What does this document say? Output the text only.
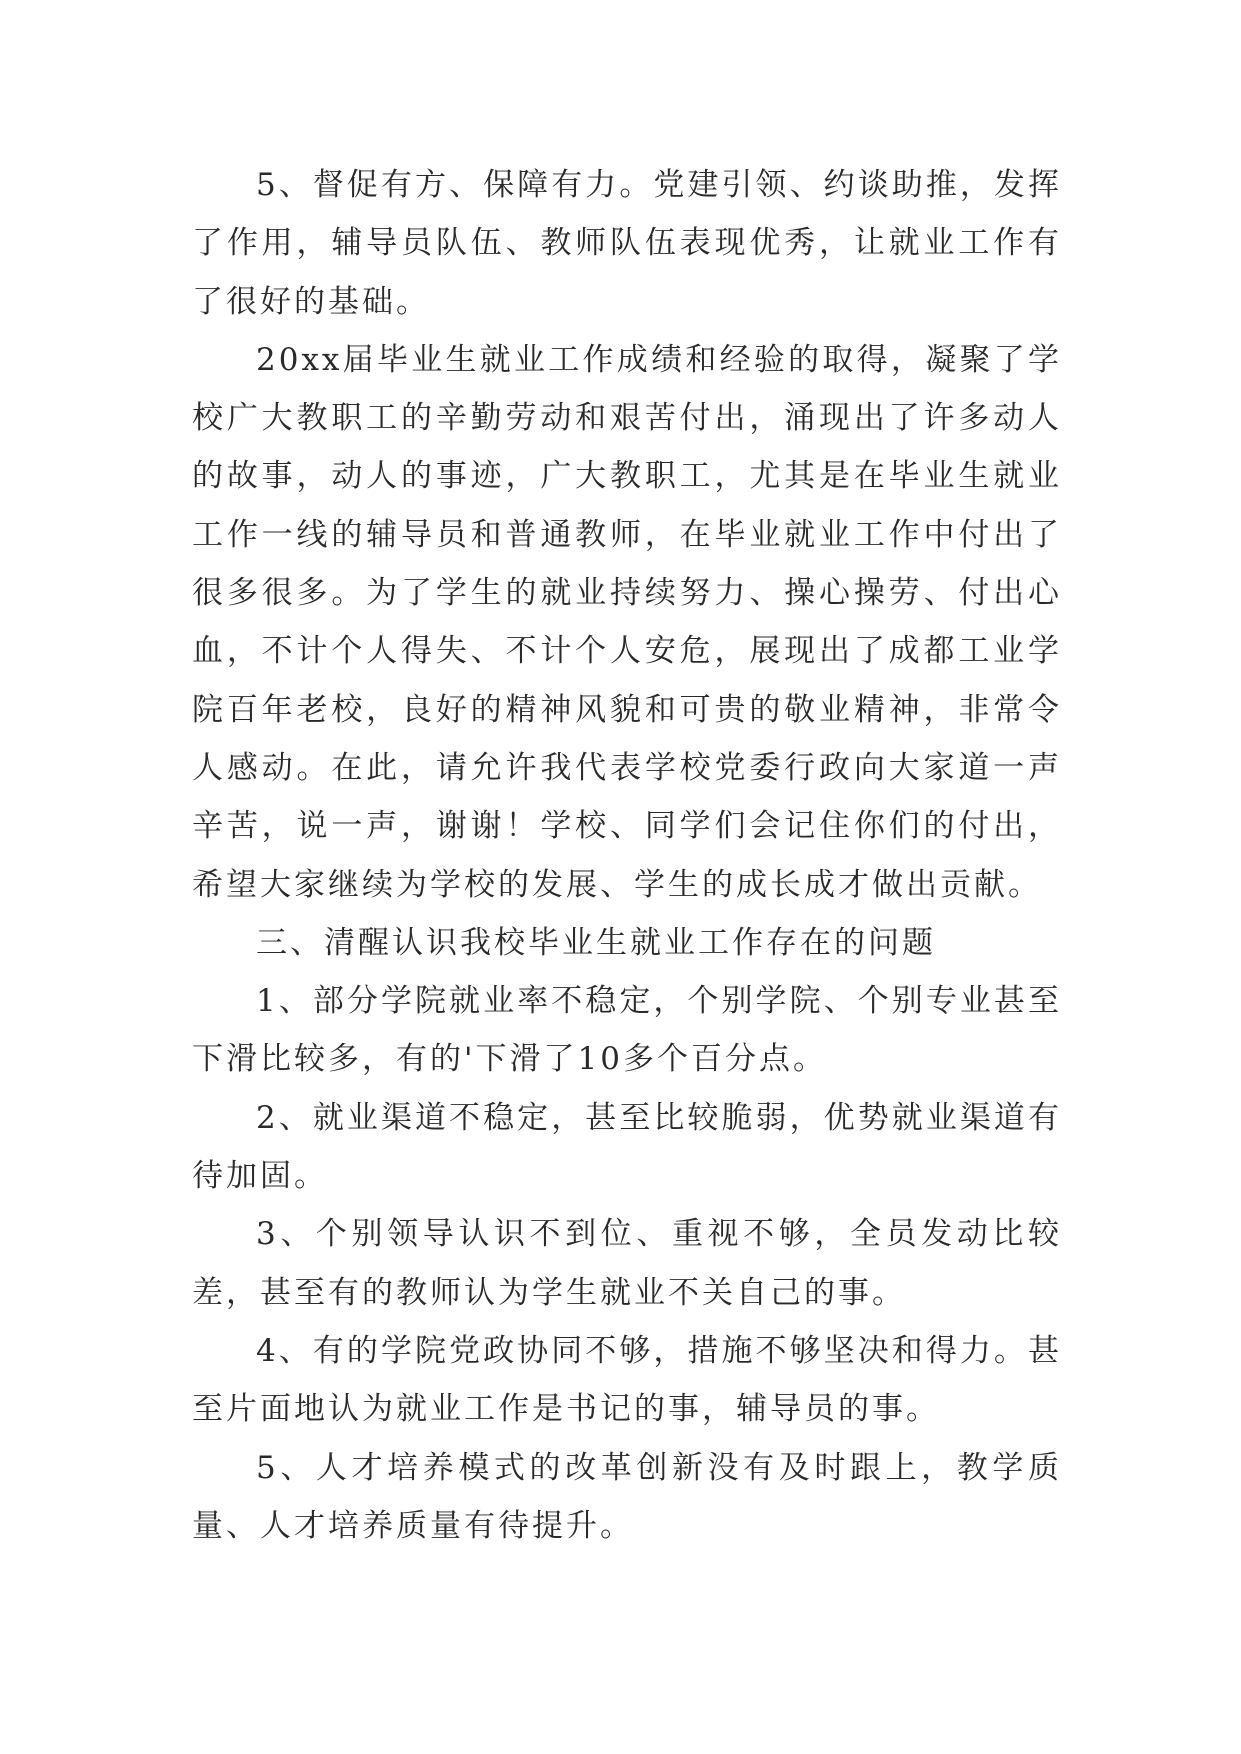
5、督促有方、保障有力。党建引领、约谈助推，发挥了作用，辅导员队伍、教师队伍表现优秀，让就业工作有了很好的基础。

20xx届毕业生就业工作成绩和经验的取得，凝聚了学校广大教职工的辛勤劳动和艰苦付出，涌现出了许多动人的故事，动人的事迹，广大教职工，尤其是在毕业生就业工作一线的辅导员和普通教师，在毕业就业工作中付出了很多很多。为了学生的就业持续努力、操心操劳、付出心血，不计个人得失、不计个人安危，展现出了成都工业学院百年老校，良好的精神风貌和可贵的敬业精神，非常令人感动。在此，请允许我代表学校党委行政向大家道一声辛苦，说一声，谢谢！学校、同学们会记住你们的付出，希望大家继续为学校的发展、学生的成长成才做出贡献。

三、清醒认识我校毕业生就业工作存在的问题

1、部分学院就业率不稳定，个别学院、个别专业甚至下滑比较多，有的'下滑了10多个百分点。

2、就业渠道不稳定，甚至比较脆弱，优势就业渠道有待加固。

3、个别领导认识不到位、重视不够，全员发动比较差，甚至有的教师认为学生就业不关自己的事。

4、有的学院党政协同不够，措施不够坚决和得力。甚至片面地认为就业工作是书记的事，辅导员的事。

5、人才培养模式的改革创新没有及时跟上，教学质量、人才培养质量有待提升。
